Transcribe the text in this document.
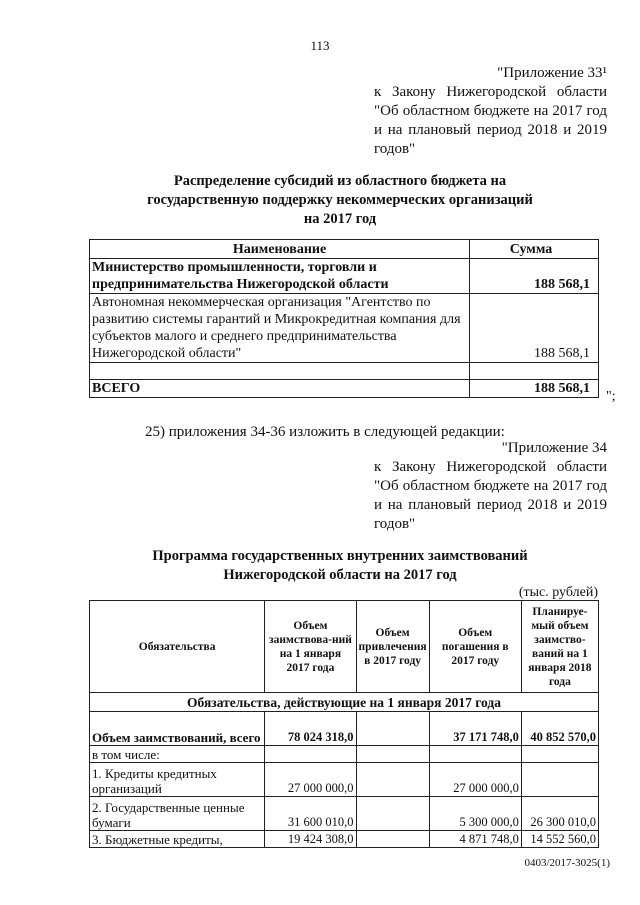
113
"Приложение 33¹
к Закону Нижегородской области "Об областном бюджете на 2017 год и на плановый период 2018 и 2019 годов"
Распределение субсидий из областного бюджета на государственную поддержку некоммерческих организаций на 2017 год
Наименование	Сумма
Министерство промышленности, торговли и предпринимательства Нижегородской области	188 568,1
Автономная некоммерческая организация "Агентство по развитию системы гарантий и Микрокредитная компания для субъектов малого и среднего предпринимательства Нижегородской области"	188 568,1

ВСЕГО	188 568,1
";
25) приложения 34-36 изложить в следующей редакции:
"Приложение 34
к Закону Нижегородской области "Об областном бюджете на 2017 год и на плановый период 2018 и 2019 годов"
Программа государственных внутренних заимствований Нижегородской области на 2017 год
(тыс. рублей)
Обязательства	Объем заимствова-ний на 1 января 2017 года	Объем привлечения в 2017 году	Объем погашения в 2017 году	Планируе-мый объем заимство-ваний на 1 января 2018 года
Обязательства, действующие на 1 января 2017 года				
Объем заимствований, всего	78 024 318,0		37 171 748,0	40 852 570,0
в том числе:				
1. Кредиты кредитных организаций	27 000 000,0		27 000 000,0	
2. Государственные ценные бумаги	31 600 010,0		5 300 000,0	26 300 010,0
3. Бюджетные кредиты,	19 424 308,0		4 871 748,0	14 552 560,0
0403/2017-3025(1)
